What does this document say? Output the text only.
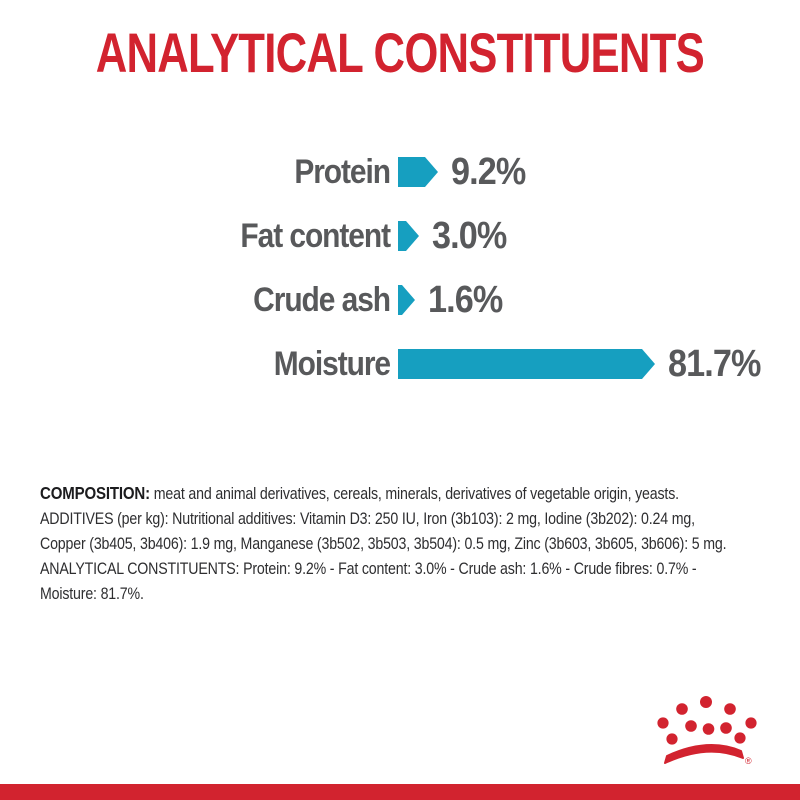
ANALYTICAL CONSTITUENTS
Protein 9.2%
Fat content 3.0%
Crude ash 1.6%
Moisture	81.7%
COMPOSITION: meat and animal derivatives, cereals, minerals, derivatives of vegetable origin, yeasts.
ADDITIVES (per kg): Nutritional additives: Vitamin D3: 250 IU, Iron (3b103): 2 mg, Iodine (3b202): 0.24 mg,
Copper (3b405, 3b406): 1.9 mg, Manganese (3b502, 3b503, 3b504): 0.5 mg, Zinc (3b603, 3b605, 3b606): 5 mg.
ANALYTICAL CONSTITUENTS: Protein: 9.2% - Fat content: 3.0% - Crude ash: 1.6% - Crude fibres: 0.7% -
Moisture: 81.7%.
®
